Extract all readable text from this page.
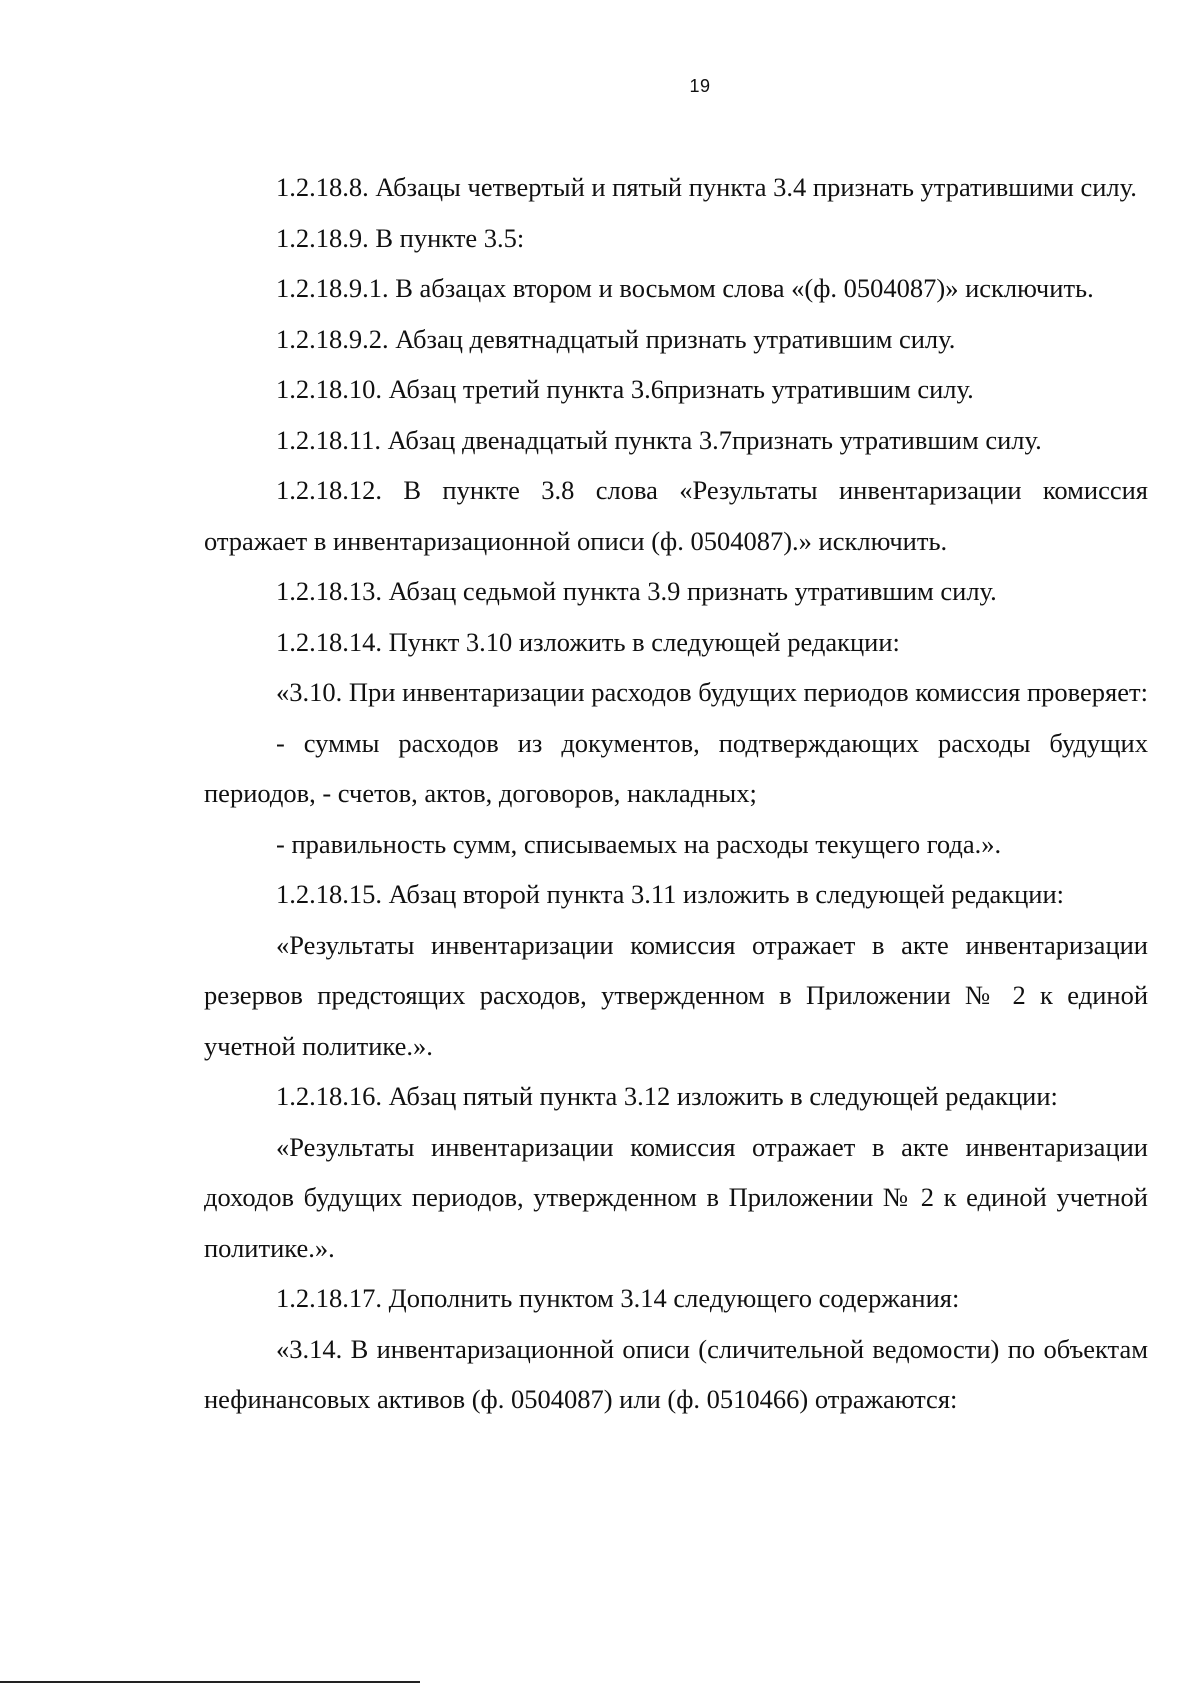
19

1.2.18.8. Абзацы четвертый и пятый пункта 3.4 признать утратившими силу.

1.2.18.9. В пункте 3.5:

1.2.18.9.1. В абзацах втором и восьмом слова «(ф. 0504087)» исключить.

1.2.18.9.2. Абзац девятнадцатый признать утратившим силу.

1.2.18.10. Абзац третий пункта 3.6признать утратившим силу.

1.2.18.11. Абзац двенадцатый пункта 3.7признать утратившим силу.

1.2.18.12. В пункте 3.8 слова «Результаты инвентаризации комиссия отражает в инвентаризационной описи (ф. 0504087).» исключить.

1.2.18.13. Абзац седьмой пункта 3.9 признать утратившим силу.

1.2.18.14. Пункт 3.10 изложить в следующей редакции:

«3.10. При инвентаризации расходов будущих периодов комиссия проверяет:

- суммы расходов из документов, подтверждающих расходы будущих периодов, - счетов, актов, договоров, накладных;

- правильность сумм, списываемых на расходы текущего года.».

1.2.18.15. Абзац второй пункта 3.11 изложить в следующей редакции:

«Результаты инвентаризации комиссия отражает в акте инвентаризации резервов предстоящих расходов, утвержденном в Приложении № 2 к единой учетной политике.».

1.2.18.16. Абзац пятый пункта 3.12 изложить в следующей редакции:

«Результаты инвентаризации комиссия отражает в акте инвентаризации доходов будущих периодов, утвержденном в Приложении № 2 к единой учетной политике.».

1.2.18.17. Дополнить пунктом 3.14 следующего содержания:

«3.14. В инвентаризационной описи (сличительной ведомости) по объектам нефинансовых активов (ф. 0504087) или (ф. 0510466) отражаются:
